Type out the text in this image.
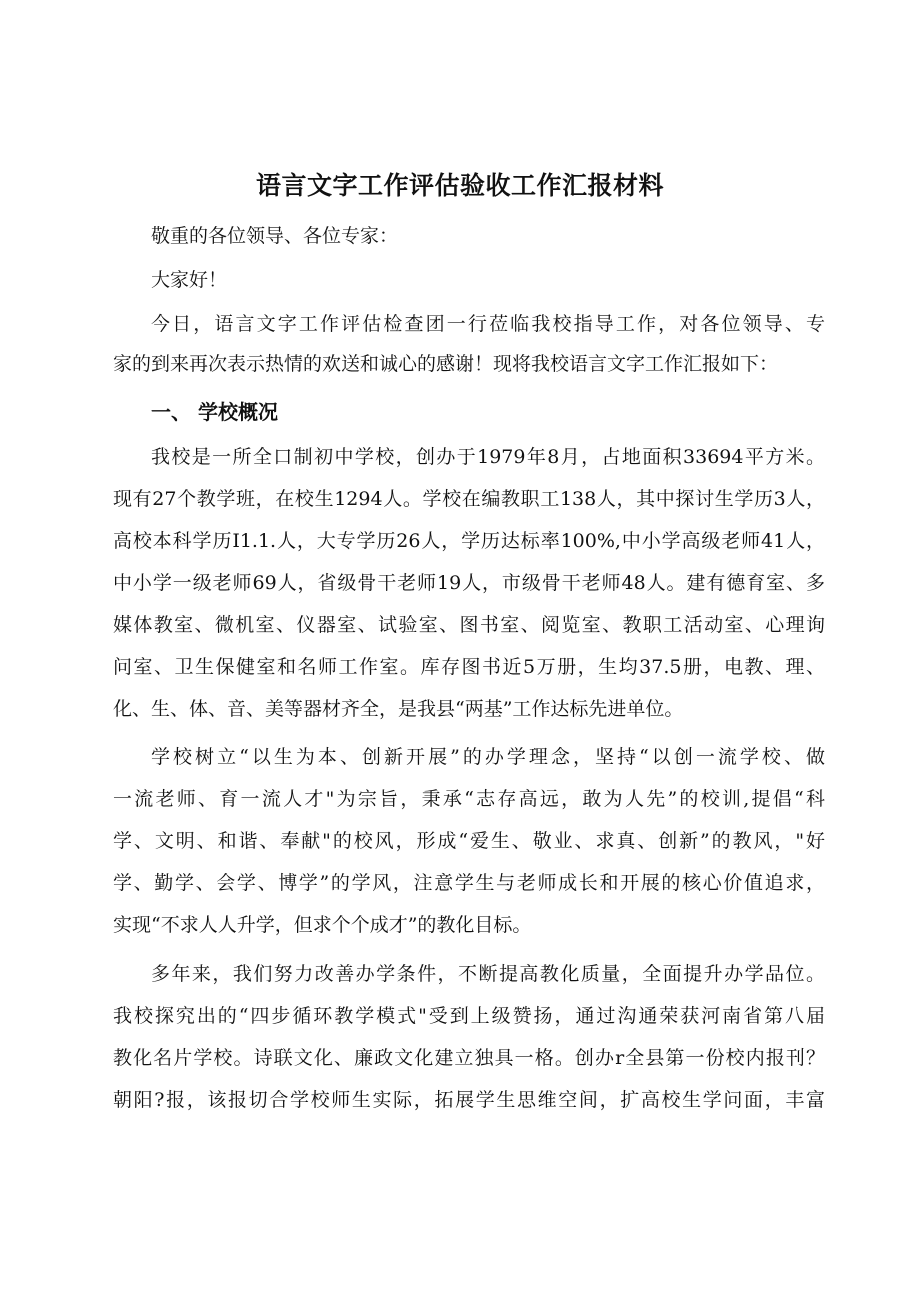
语言文字工作评估验收工作汇报材料
敬重的各位领导、各位专家：
大家好！
今日，语言文字工作评估检查团一行莅临我校指导工作，对各位领导、专
家的到来再次表示热情的欢送和诚心的感谢！现将我校语言文字工作汇报如下：
一、 学校概况
我校是一所全口制初中学校，创办于1979年8月，占地面积33694平方米。
现有27个教学班，在校生1294人。学校在编教职工138人，其中探讨生学历3人，
高校本科学历I1.1.人，大专学历26人，学历达标率100%,中小学高级老师41人，
中小学一级老师69人，省级骨干老师19人，市级骨干老师48人。建有德育室、多
媒体教室、微机室、仪器室、试验室、图书室、阅览室、教职工活动室、心理询
问室、卫生保健室和名师工作室。库存图书近5万册，生均37.5册，电教、理、
化、生、体、音、美等器材齐全，是我县“两基”工作达标先进单位。
学校树立“以生为本、创新开展”的办学理念，坚持“以创一流学校、做
一流老师、育一流人才"为宗旨，秉承“志存高远，敢为人先”的校训,提倡“科
学、文明、和谐、奉献"的校风，形成“爱生、敬业、求真、创新”的教风，"好
学、勤学、会学、博学”的学风，注意学生与老师成长和开展的核心价值追求，
实现“不求人人升学，但求个个成才”的教化目标。
多年来，我们努力改善办学条件，不断提高教化质量，全面提升办学品位。
我校探究出的“四步循环教学模式"受到上级赞扬，通过沟通荣获河南省第八届
教化名片学校。诗联文化、廉政文化建立独具一格。创办r全县第一份校内报刊？
朝阳?报，该报切合学校师生实际，拓展学生思维空间，扩高校生学问面，丰富
